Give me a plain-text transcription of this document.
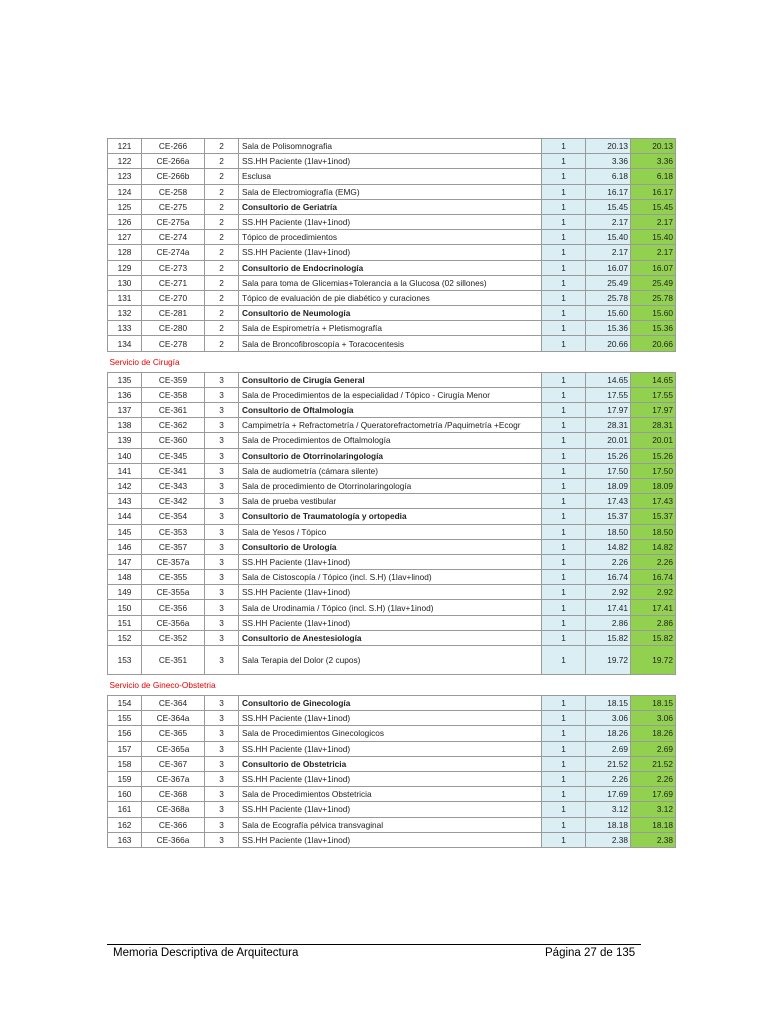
121	CE-266	2	Sala de Polisomnografia	1	20.13	20.13
122	CE-266a	2	SS.HH Paciente (1lav+1inod)	1	3.36	3.36
123	CE-266b	2	Esclusa	1	6.18	6.18
124	CE-258	2	Sala de Electromiografía (EMG)	1	16.17	16.17
125	CE-275	2	Consultorio de Geriatría	1	15.45	15.45
126	CE-275a	2	SS.HH Paciente (1lav+1inod)	1	2.17	2.17
127	CE-274	2	Tópico de procedimientos	1	15.40	15.40
128	CE-274a	2	SS.HH Paciente (1lav+1inod)	1	2.17	2.17
129	CE-273	2	Consultorio de Endocrinología	1	16.07	16.07
130	CE-271	2	Sala para toma de Glicemias+Tolerancia a la Glucosa (02 sillones)	1	25.49	25.49
131	CE-270	2	Tópico de evaluación de pie diabético y curaciones	1	25.78	25.78
132	CE-281	2	Consultorio de Neumología	1	15.60	15.60
133	CE-280	2	Sala de Espirometría + Pletismografía	1	15.36	15.36
134	CE-278	2	Sala de Broncofibroscopía + Toracocentesis	1	20.66	20.66
Servicio de Cirugía						
135	CE-359	3	Consultorio de Cirugía General	1	14.65	14.65
136	CE-358	3	Sala de Procedimientos de la especialidad / Tópico - Cirugía Menor	1	17.55	17.55
137	CE-361	3	Consultorio de Oftalmología	1	17.97	17.97
138	CE-362	3	Campimetría + Refractometría / Queratorefractometría /Paquimetría +Ecogr	1	28.31	28.31
139	CE-360	3	Sala de Procedimientos de Oftalmología	1	20.01	20.01
140	CE-345	3	Consultorio de Otorrinolaringología	1	15.26	15.26
141	CE-341	3	Sala de audiometría (cámara silente)	1	17.50	17.50
142	CE-343	3	Sala de procedimiento de Otorrinolaringología	1	18.09	18.09
143	CE-342	3	Sala de prueba vestibular	1	17.43	17.43
144	CE-354	3	Consultorio de Traumatología y ortopedia	1	15.37	15.37
145	CE-353	3	Sala de Yesos / Tópico	1	18.50	18.50
146	CE-357	3	Consultorio de Urología	1	14.82	14.82
147	CE-357a	3	SS.HH Paciente (1lav+1inod)	1	2.26	2.26
148	CE-355	3	Sala de Cistoscopía / Tópico (incl. S.H) (1lav+linod)	1	16.74	16.74
149	CE-355a	3	SS.HH Paciente (1lav+1inod)	1	2.92	2.92
150	CE-356	3	Sala de Urodinamia / Tópico (incl. S.H) (1lav+1inod)	1	17.41	17.41
151	CE-356a	3	SS.HH Paciente (1lav+1inod)	1	2.86	2.86
152	CE-352	3	Consultorio de Anestesiología	1	15.82	15.82
153	CE-351	3	Sala Terapia del Dolor (2 cupos)	1	19.72	19.72
Servicio de Gineco-Obstetria						
154	CE-364	3	Consultorio de Ginecología	1	18.15	18.15
155	CE-364a	3	SS.HH Paciente (1lav+1inod)	1	3.06	3.06
156	CE-365	3	Sala de Procedimientos Ginecologicos	1	18.26	18.26
157	CE-365a	3	SS.HH Paciente (1lav+1inod)	1	2.69	2.69
158	CE-367	3	Consultorio de Obstetricia	1	21.52	21.52
159	CE-367a	3	SS.HH Paciente (1lav+1inod)	1	2.26	2.26
160	CE-368	3	Sala de Procedimientos Obstetricia	1	17.69	17.69
161	CE-368a	3	SS.HH Paciente (1lav+1inod)	1	3.12	3.12
162	CE-366	3	Sala de Ecografía pélvica transvaginal	1	18.18	18.18
163	CE-366a	3	SS.HH Paciente (1lav+1inod)	1	2.38	2.38
Memoria Descriptiva de Arquitectura	Página 27 de 135
